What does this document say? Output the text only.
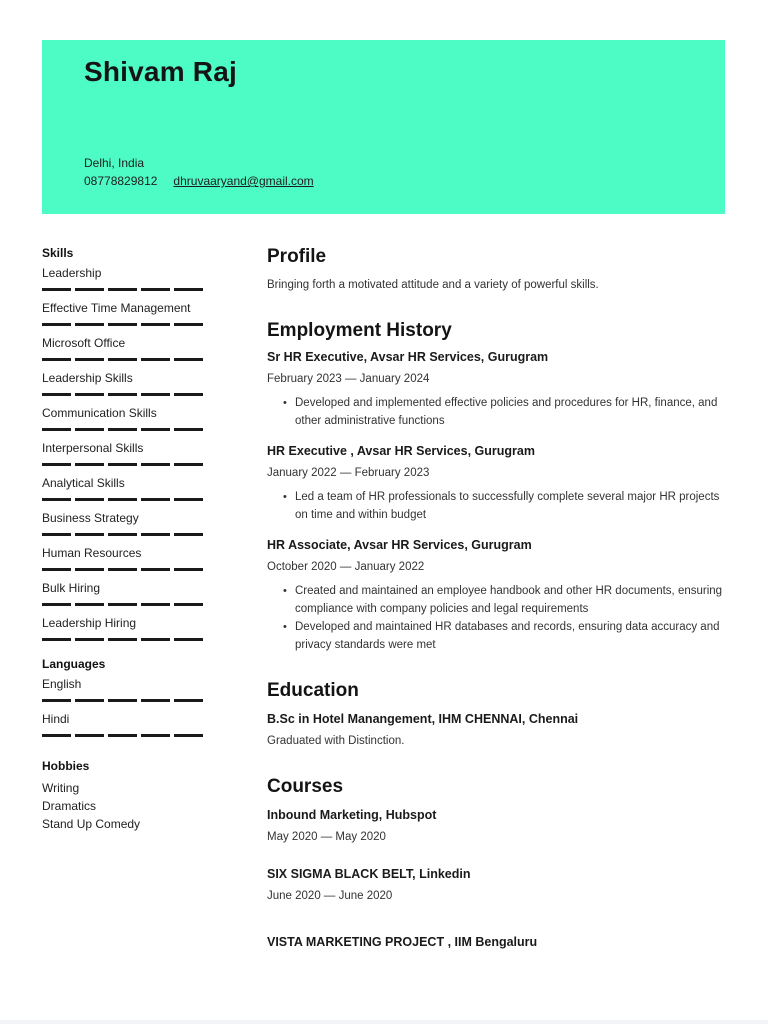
Shivam Raj
Delhi, India
08778829812 dhruvaaryand@gmail.com
Skills
Leadership
Effective Time Management
Microsoft Office
Leadership Skills
Communication Skills
Interpersonal Skills
Analytical Skills
Business Strategy
Human Resources
Bulk Hiring
Leadership Hiring
Languages
English
Hindi
Hobbies
Writing
Dramatics
Stand Up Comedy
Profile
Bringing forth a motivated attitude and a variety of powerful skills.
Employment History
Sr HR Executive, Avsar HR Services, Gurugram
February 2023 — January 2024
• Developed and implemented effective policies and procedures for HR, finance, and other administrative functions
HR Executive , Avsar HR Services, Gurugram
January 2022 — February 2023
• Led a team of HR professionals to successfully complete several major HR projects on time and within budget
HR Associate, Avsar HR Services, Gurugram
October 2020 — January 2022
• Created and maintained an employee handbook and other HR documents, ensuring compliance with company policies and legal requirements
• Developed and maintained HR databases and records, ensuring data accuracy and privacy standards were met
Education
B.Sc in Hotel Manangement, IHM CHENNAI, Chennai
Graduated with Distinction.
Courses
Inbound Marketing, Hubspot
May 2020 — May 2020
SIX SIGMA BLACK BELT, Linkedin
June 2020 — June 2020
VISTA MARKETING PROJECT , IIM Bengaluru
